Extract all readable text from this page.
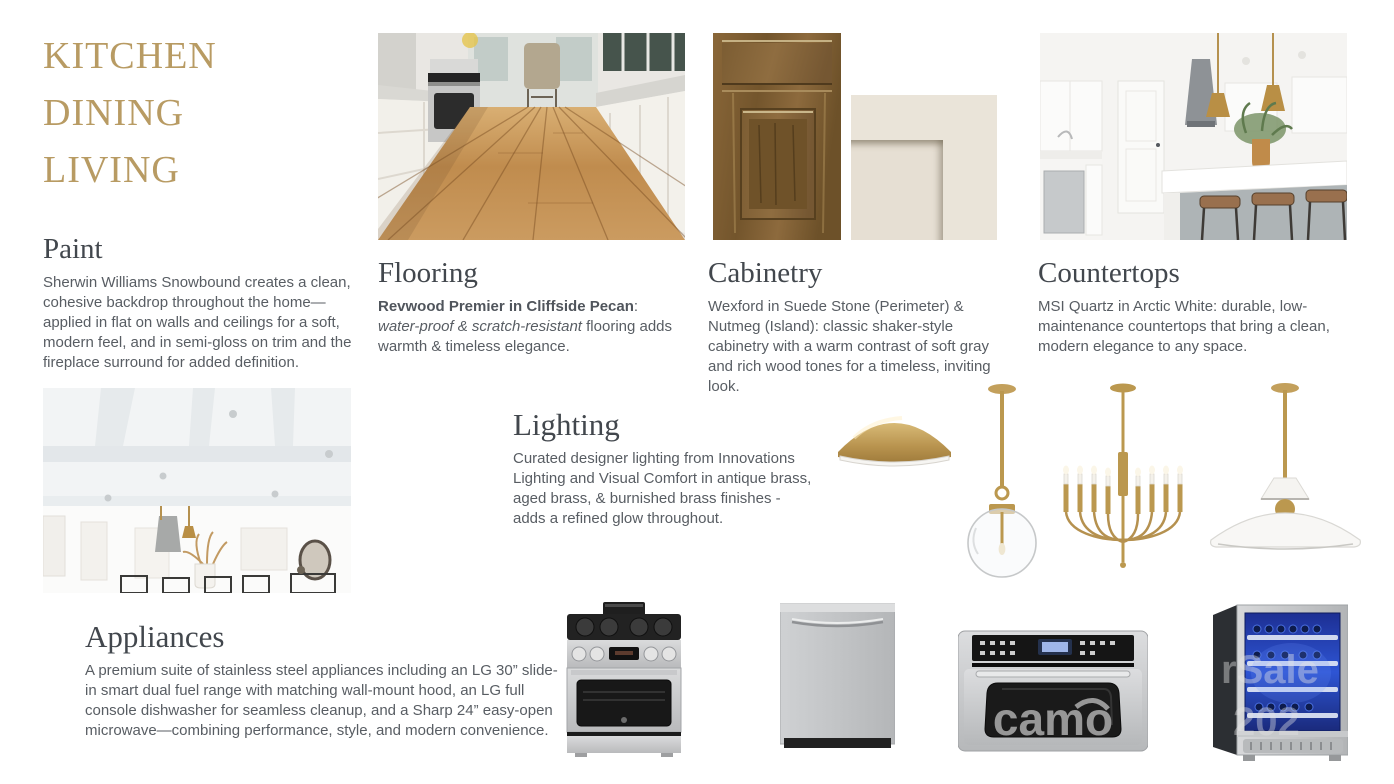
KITCHEN
DINING
LIVING
Paint

Sherwin Williams Snowbound creates a clean, cohesive backdrop throughout the home—applied in flat on walls and ceilings for a soft, modern feel, and in semi-gloss on trim and the fireplace surround for added definition.

Flooring

Revwood Premier in Cliffside Pecan: water-proof & scratch-resistant flooring adds warmth & timeless elegance.

Cabinetry

Wexford in Suede Stone (Perimeter) & Nutmeg (Island): classic shaker-style cabinetry with a warm contrast of soft gray and rich wood tones for a timeless, inviting look.

Countertops

MSI Quartz in Arctic White: durable, low-maintenance countertops that bring a clean, modern elegance to any space.

Lighting

Curated designer lighting from Innovations Lighting and Visual Comfort in antique brass, aged brass, & burnished brass finishes - adds a refined glow throughout.

Appliances

A premium suite of stainless steel appliances including an LG 30” slide-in smart dual fuel range with matching wall-mount hood, an LG full console dishwasher for seamless cleanup, and a Sharp 24” easy-open microwave—combining performance, style, and modern convenience.	camo
rSale
202
